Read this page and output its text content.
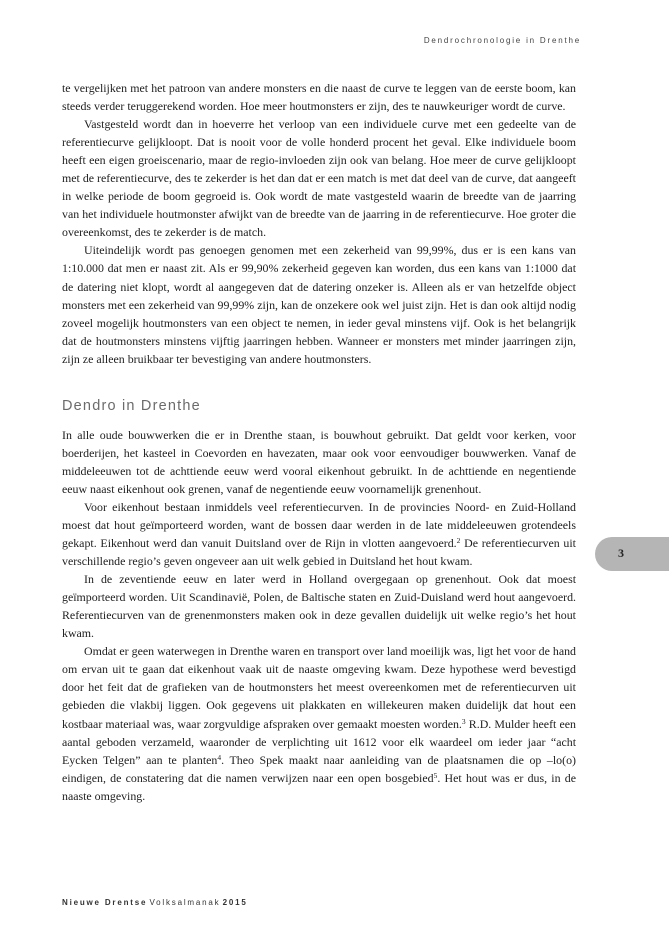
Dendrochronologie in Drenthe

te vergelijken met het patroon van andere monsters en die naast de curve te leggen van de eerste boom, kan steeds verder teruggerekend worden. Hoe meer houtmonsters er zijn, des te nauwkeuriger wordt de curve.

Vastgesteld wordt dan in hoeverre het verloop van een individuele curve met een gedeelte van de referentiecurve gelijkloopt. Dat is nooit voor de volle honderd procent het geval. Elke individuele boom heeft een eigen groeiscenario, maar de regio-invloeden zijn ook van belang. Hoe meer de curve gelijkloopt met de referentiecurve, des te zekerder is het dan dat er een match is met dat deel van de curve, dat aangeeft in welke periode de boom gegroeid is. Ook wordt de mate vastgesteld waarin de breedte van de jaarring van het individuele houtmonster afwijkt van de breedte van de jaarring in de referentiecurve. Hoe groter die overeenkomst, des te zekerder is de match.

Uiteindelijk wordt pas genoegen genomen met een zekerheid van 99,99%, dus er is een kans van 1:10.000 dat men er naast zit. Als er 99,90% zekerheid gegeven kan worden, dus een kans van 1:1000 dat de datering niet klopt, wordt al aangegeven dat de datering onzeker is. Alleen als er van hetzelfde object monsters met een zekerheid van 99,99% zijn, kan de onzekere ook wel juist zijn. Het is dan ook altijd nodig zoveel mogelijk houtmonsters van een object te nemen, in ieder geval minstens vijf. Ook is het belangrijk dat de houtmonsters minstens vijftig jaarringen hebben. Wanneer er monsters met minder jaarringen zijn, zijn ze alleen bruikbaar ter bevestiging van andere houtmonsters.

Dendro in Drenthe

In alle oude bouwwerken die er in Drenthe staan, is bouwhout gebruikt. Dat geldt voor kerken, voor boerderijen, het kasteel in Coevorden en havezaten, maar ook voor eenvoudiger bouwwerken. Vanaf de middeleeuwen tot de achttiende eeuw werd vooral eikenhout gebruikt. In de achttiende en negentiende eeuw naast eikenhout ook grenen, vanaf de negentiende eeuw voornamelijk grenenhout.

Voor eikenhout bestaan inmiddels veel referentiecurven. In de provincies Noord- en Zuid-Holland moest dat hout geïmporteerd worden, want de bossen daar werden in de late middeleeuwen grotendeels gekapt. Eikenhout werd dan vanuit Duitsland over de Rijn in vlotten aangevoerd.$^2$ De referentiecurven uit verschillende regio’s geven ongeveer aan uit welk gebied in Duitsland het hout kwam.

In de zeventiende eeuw en later werd in Holland overgegaan op grenenhout. Ook dat moest geïmporteerd worden. Uit Scandinavië, Polen, de Baltische staten en Zuid-Duisland werd hout aangevoerd. Referentiecurven van de grenenmonsters maken ook in deze gevallen duidelijk uit welke regio’s het hout kwam.

Omdat er geen waterwegen in Drenthe waren en transport over land moeilijk was, ligt het voor de hand om ervan uit te gaan dat eikenhout vaak uit de naaste omgeving kwam. Deze hypothese werd bevestigd door het feit dat de grafieken van de houtmonsters het meest overeenkomen met de referentiecurven uit gebieden die vlakbij liggen. Ook gegevens uit plakkaten en willekeuren maken duidelijk dat hout een kostbaar materiaal was, waar zorgvuldige afspraken over gemaakt moesten worden.$^3$ R.D. Mulder heeft een aantal geboden verzameld, waaronder de verplichting uit 1612 voor elk waardeel om ieder jaar “acht Eycken Telgen” aan te planten$^4$. Theo Spek maakt naar aanleiding van de plaatsnamen die op –lo(o) eindigen, de constatering dat die namen verwijzen naar een open bosgebied$^5$. Het hout was er dus, in de naaste omgeving.

3
Nieuwe Drentse Volksalmanak 2015
